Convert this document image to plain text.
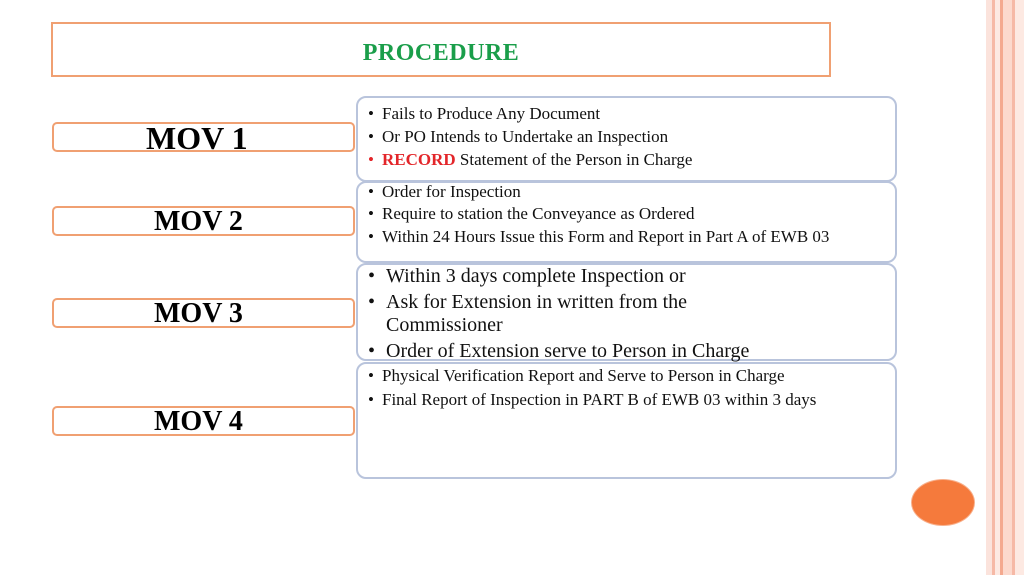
PROCEDURE
MOV 1
• Fails to Produce Any Document
• Or PO Intends to Undertake an Inspection
• RECORD Statement of the Person in Charge
MOV 2
• Order for Inspection
• Require to station the Conveyance as Ordered
• Within 24 Hours Issue this Form and Report in Part A of EWB 03
MOV 3
• Within 3 days complete Inspection or
• Ask for Extension in written from the Commissioner
• Order of Extension serve to Person in Charge
MOV 4
• Physical Verification Report and Serve to Person in Charge
• Final Report of Inspection in PART B of EWB 03 within 3 days
